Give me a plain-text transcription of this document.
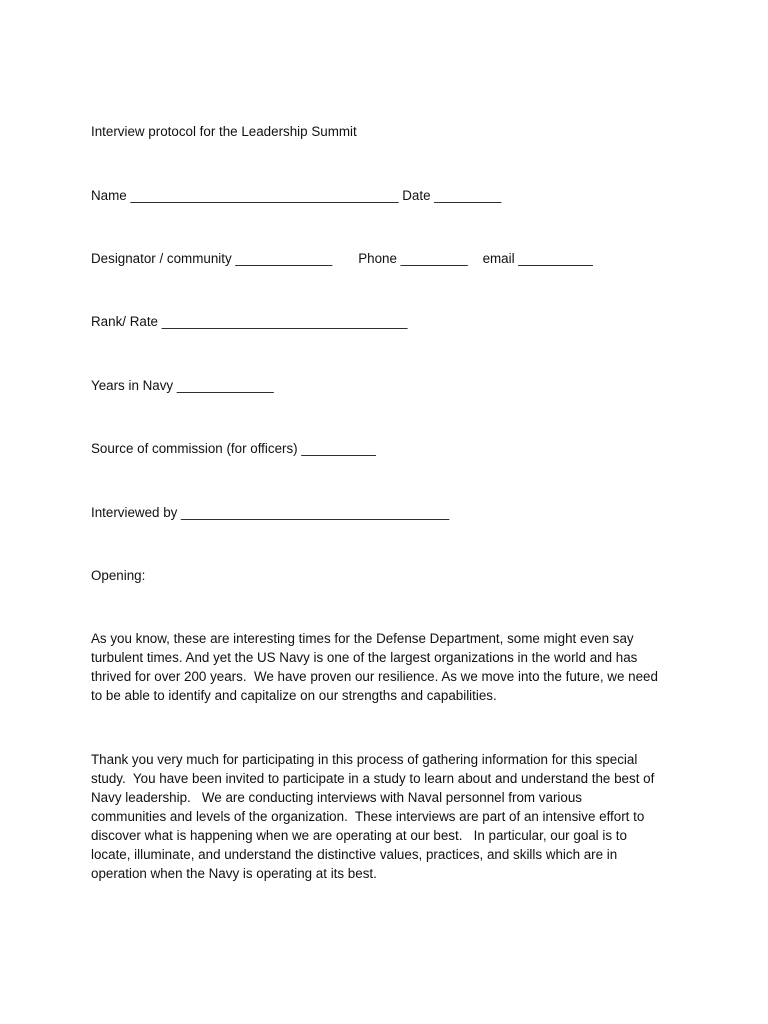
Interview protocol for the Leadership Summit
Name ____________________________________ Date _________
Designator / community _____________       Phone _________    email __________
Rank/ Rate _________________________________
Years in Navy _____________
Source of commission (for officers) __________
Interviewed by ____________________________________
Opening:
As you know, these are interesting times for the Defense Department, some might even say
turbulent times. And yet the US Navy is one of the largest organizations in the world and has
thrived for over 200 years.  We have proven our resilience. As we move into the future, we need
to be able to identify and capitalize on our strengths and capabilities.
Thank you very much for participating in this process of gathering information for this special
study.  You have been invited to participate in a study to learn about and understand the best of
Navy leadership.   We are conducting interviews with Naval personnel from various
communities and levels of the organization.  These interviews are part of an intensive effort to
discover what is happening when we are operating at our best.   In particular, our goal is to
locate, illuminate, and understand the distinctive values, practices, and skills which are in
operation when the Navy is operating at its best.
